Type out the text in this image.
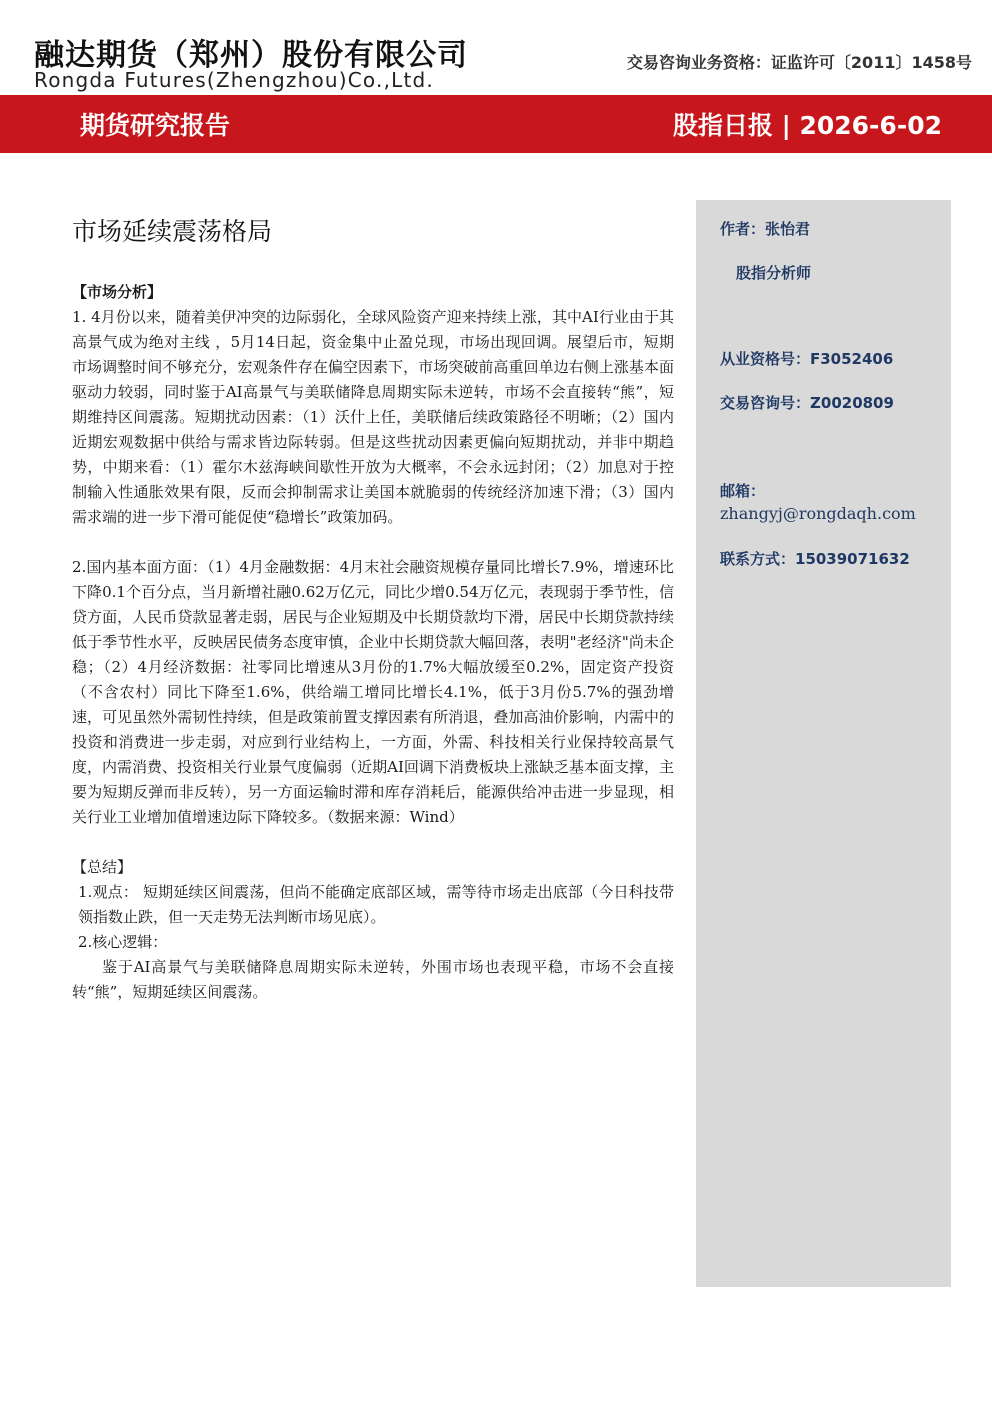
融达期货（郑州）股份有限公司
Rongda Futures(Zhengzhou)Co.,Ltd.
交易咨询业务资格：证监许可〔2011〕1458号
期货研究报告	股指日报 | 2026-6-02
市场延续震荡格局

【市场分析】

1. 4月份以来，随着美伊冲突的边际弱化，全球风险资产迎来持续上涨，其中AI行业由于其高景气成为绝对主线 ，5月14日起，资金集中止盈兑现，市场出现回调。展望后市，短期市场调整时间不够充分，宏观条件存在偏空因素下，市场突破前高重回单边右侧上涨基本面驱动力较弱，同时鉴于AI高景气与美联储降息周期实际未逆转，市场不会直接转“熊”，短期维持区间震荡。短期扰动因素：（1）沃什上任，美联储后续政策路径不明晰；（2）国内近期宏观数据中供给与需求皆边际转弱。但是这些扰动因素更偏向短期扰动，并非中期趋势，中期来看：（1）霍尔木兹海峡间歇性开放为大概率，不会永远封闭；（2）加息对于控制输入性通胀效果有限，反而会抑制需求让美国本就脆弱的传统经济加速下滑；（3）国内需求端的进一步下滑可能促使“稳增长”政策加码。

2.国内基本面方面：（1）4月金融数据：4月末社会融资规模存量同比增长7.9%，增速环比下降0.1个百分点，当月新增社融0.62万亿元，同比少增0.54万亿元，表现弱于季节性，信贷方面，人民币贷款显著走弱，居民与企业短期及中长期贷款均下滑，居民中长期贷款持续低于季节性水平，反映居民债务态度审慎，企业中长期贷款大幅回落，表明"老经济"尚未企稳；（2）4月经济数据：社零同比增速从3月份的1.7%大幅放缓至0.2%，固定资产投资（不含农村）同比下降至1.6%，供给端工增同比增长4.1%，低于3月份5.7%的强劲增速，可见虽然外需韧性持续，但是政策前置支撑因素有所消退，叠加高油价影响，内需中的投资和消费进一步走弱，对应到行业结构上，一方面，外需、科技相关行业保持较高景气度，内需消费、投资相关行业景气度偏弱（近期AI回调下消费板块上涨缺乏基本面支撑，主要为短期反弹而非反转），另一方面运输时滞和库存消耗后，能源供给冲击进一步显现，相关行业工业增加值增速边际下降较多。（数据来源：Wind）

【总结】

1.观点： 短期延续区间震荡，但尚不能确定底部区域，需等待市场走出底部（今日科技带领指数止跌，但一天走势无法判断市场见底）。

2.核心逻辑：

鉴于AI高景气与美联储降息周期实际未逆转，外围市场也表现平稳，市场不会直接转“熊”，短期延续区间震荡。

作者：张怡君
股指分析师
从业资格号：F3052406
交易咨询号：Z0020809
邮箱：
zhangyj@rongdaqh.com
联系方式：15039071632
